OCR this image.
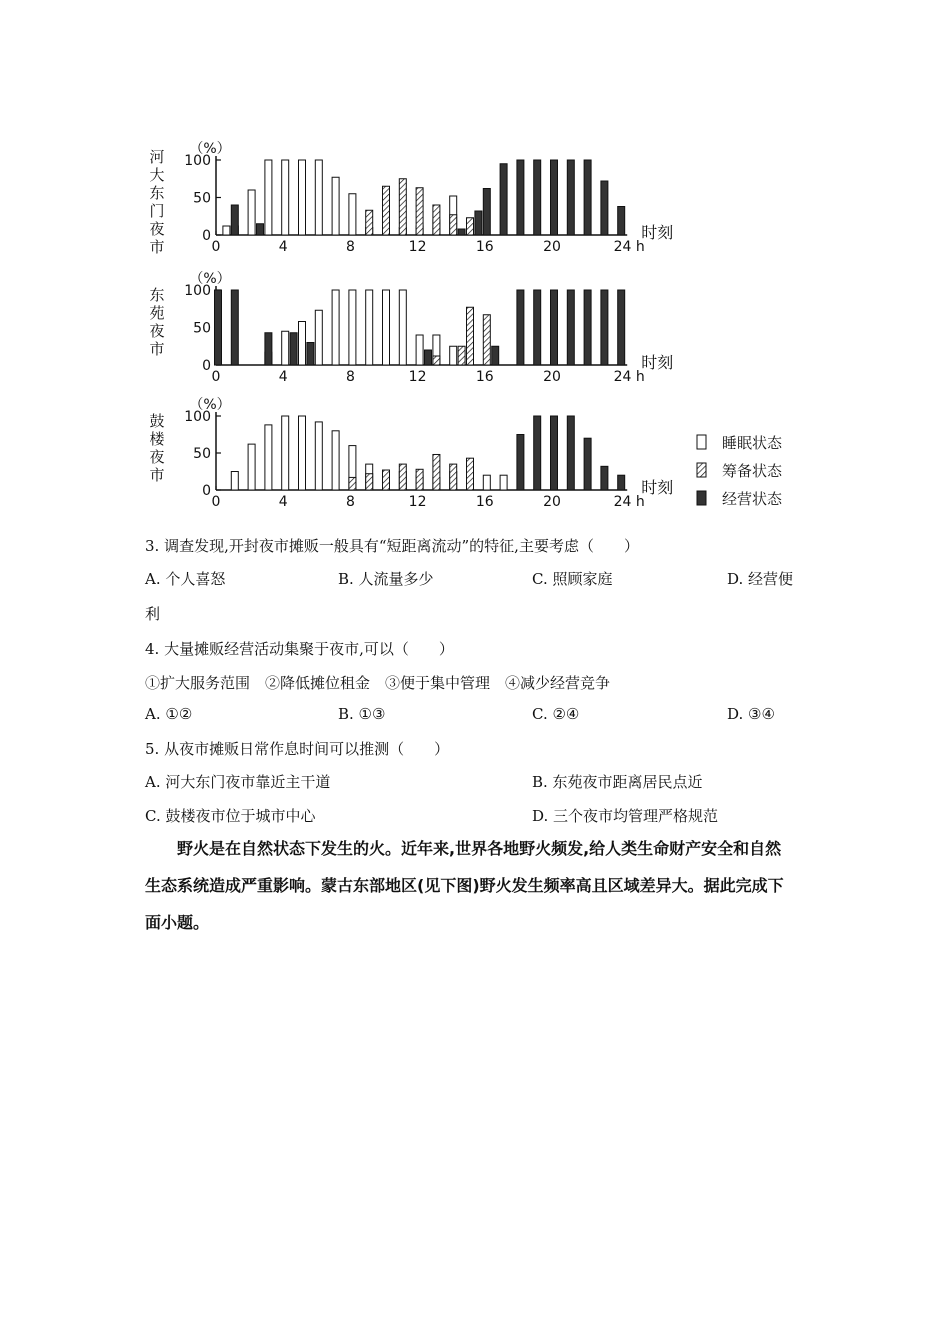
河
大
东
门
夜
市
（%）
0
50
100
0	4	8	12	16	20	24 h
时刻
东
苑
夜
市
（%）
0
50
100
0	4	8	12	16	20	24 h
时刻
鼓
楼
夜
市
（%）
0
50
100
0	4	8	12	16	20	24 h
时刻
睡眠状态
筹备状态
经营状态
3. 调查发现,开封夜市摊贩一般具有“短距离流动”的特征,主要考虑（　　）
A. 个人喜怒	B. 人流量多少	C. 照顾家庭	D. 经营便
利
4. 大量摊贩经营活动集聚于夜市,可以（　　）
①扩大服务范围　②降低摊位租金　③便于集中管理　④减少经营竞争
A. ①②	B. ①③	C. ②④	D. ③④
5. 从夜市摊贩日常作息时间可以推测（　　）
A. 河大东门夜市靠近主干道	B. 东苑夜市距离居民点近
C. 鼓楼夜市位于城市中心	D. 三个夜市均管理严格规范
野火是在自然状态下发生的火。近年来,世界各地野火频发,给人类生命财产安全和自然
生态系统造成严重影响。蒙古东部地区(见下图)野火发生频率高且区域差异大。据此完成下
面小题。
